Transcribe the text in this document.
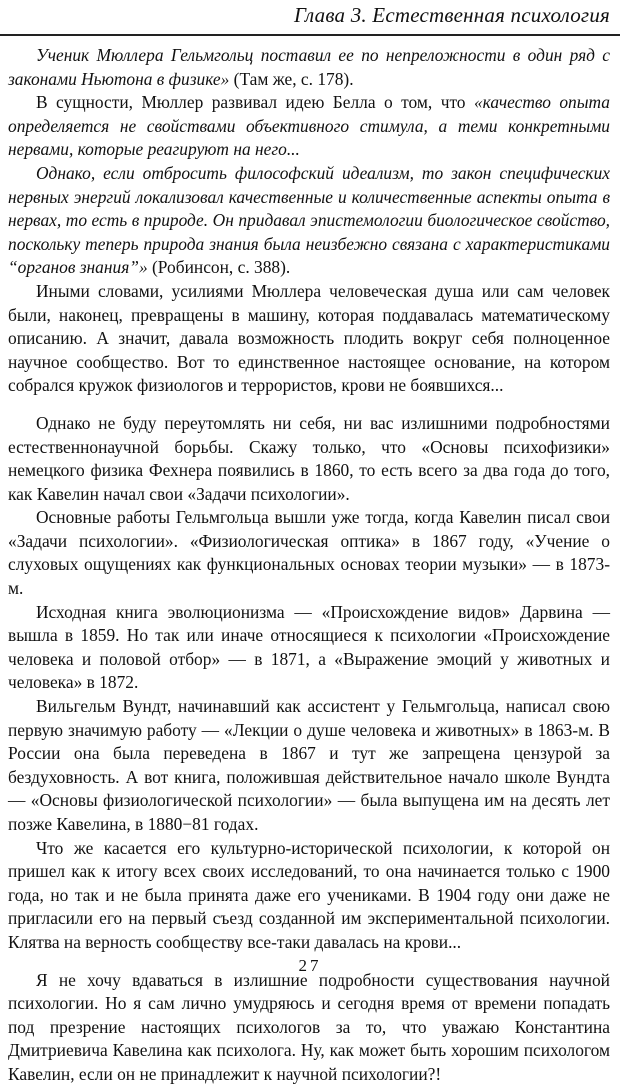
Глава 3. Естественная психология

Ученик Мюллера Гельмгольц поставил ее по непреложности в один ряд с законами Ньютона в физике» (Там же, с. 178).

В сущности, Мюллер развивал идею Белла о том, что «качество опыта определяется не свойствами объективного стимула, а теми конкретными нервами, которые реагируют на него...

Однако, если отбросить философский идеализм, то закон специфических нервных энергий локализовал качественные и количественные аспекты опыта в нервах, то есть в природе. Он придавал эпистемологии биологическое свойство, поскольку теперь природа знания была неизбежно связана с характеристиками “органов знания”» (Робинсон, с. 388).

Иными словами, усилиями Мюллера человеческая душа или сам человек были, наконец, превращены в машину, которая поддавалась математическому описанию. А значит, давала возможность плодить вокруг себя полноценное научное сообщество. Вот то единственное настоящее основание, на котором собрался кружок физиологов и террористов, крови не боявшихся...

Однако не буду переутомлять ни себя, ни вас излишними подробностями естественнонаучной борьбы. Скажу только, что «Основы психофизики» немецкого физика Фехнера появились в 1860, то есть всего за два года до того, как Кавелин начал свои «Задачи психологии».

Основные работы Гельмгольца вышли уже тогда, когда Кавелин писал свои «Задачи психологии». «Физиологическая оптика» в 1867 году, «Учение о слуховых ощущениях как функциональных основах теории музыки» — в 1873-м.

Исходная книга эволюционизма — «Происхождение видов» Дарвина — вышла в 1859. Но так или иначе относящиеся к психологии «Происхождение человека и половой отбор» — в 1871, а «Выражение эмоций у животных и человека» в 1872.

Вильгельм Вундт, начинавший как ассистент у Гельмгольца, написал свою первую значимую работу — «Лекции о душе человека и животных» в 1863-м. В России она была переведена в 1867 и тут же запрещена цензурой за бездуховность. А вот книга, положившая действительное начало школе Вундта — «Основы физиологической психологии» — была выпущена им на десять лет позже Кавелина, в 1880−81 годах.

Что же касается его культурно-исторической психологии, к которой он пришел как к итогу всех своих исследований, то она начинается только с 1900 года, но так и не была принята даже его учениками. В 1904 году они даже не пригласили его на первый съезд созданной им экспериментальной психологии. Клятва на верность сообществу все-таки давалась на крови...

Я не хочу вдаваться в излишние подробности существования научной психологии. Но я сам лично умудряюсь и сегодня время от времени попадать под презрение настоящих психологов за то, что уважаю Константина Дмитриевича Кавелина как психолога. Ну, как может быть хорошим психологом Кавелин, если он не принадлежит к научной психологии?!

27
